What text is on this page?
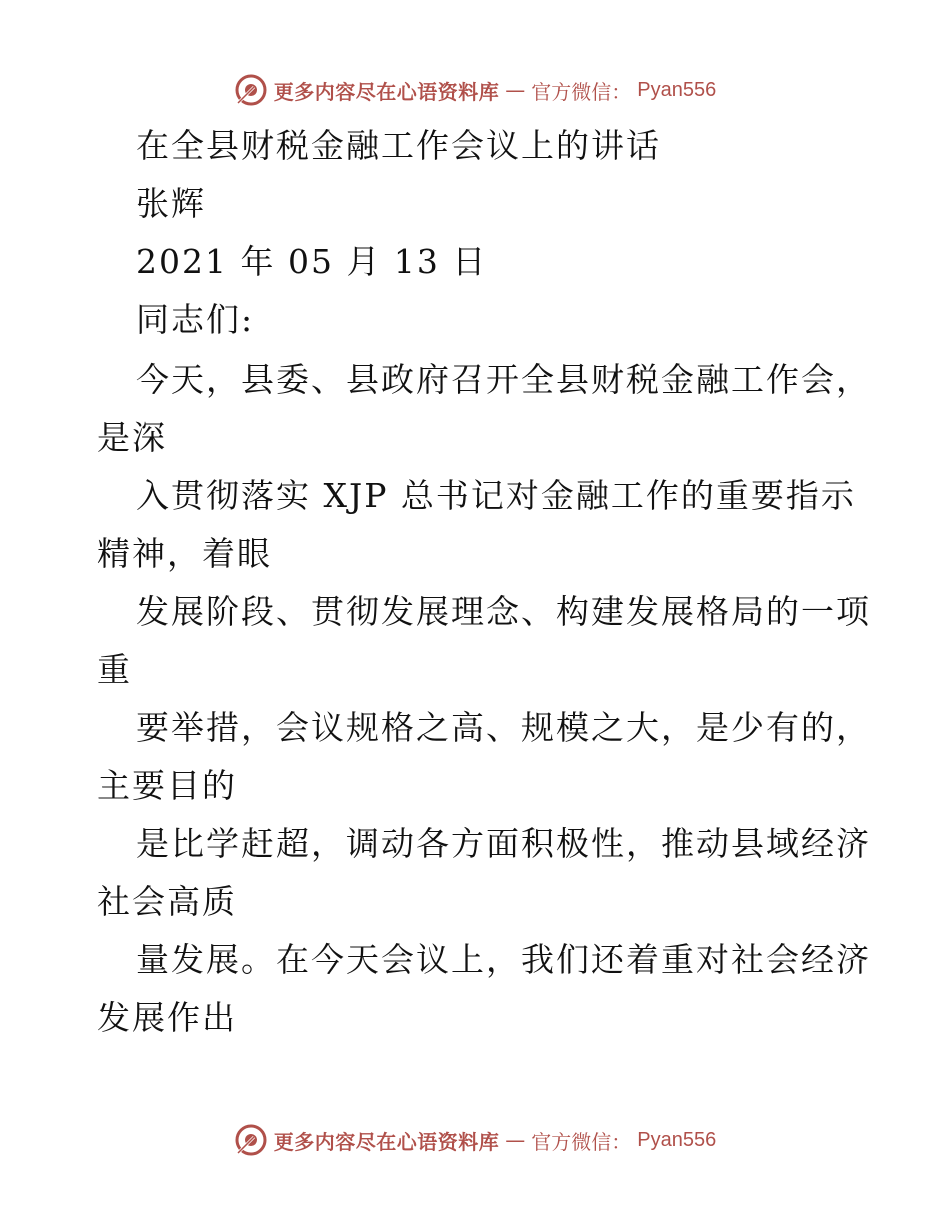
更多内容尽在心语资料库 — 官方微信： Pyan556
在全县财税金融工作会议上的讲话
张辉
2021 年 05 月 13 日
同志们:
今天，县委、县政府召开全县财税金融工作会，
是深
入贯彻落实 XJP 总书记对金融工作的重要指示
精神，着眼
发展阶段、贯彻发展理念、构建发展格局的一项
重
要举措，会议规格之高、规模之大，是少有的，
主要目的
是比学赶超，调动各方面积极性，推动县域经济
社会高质
量发展。在今天会议上，我们还着重对社会经济
发展作出
更多内容尽在心语资料库 — 官方微信： Pyan556
